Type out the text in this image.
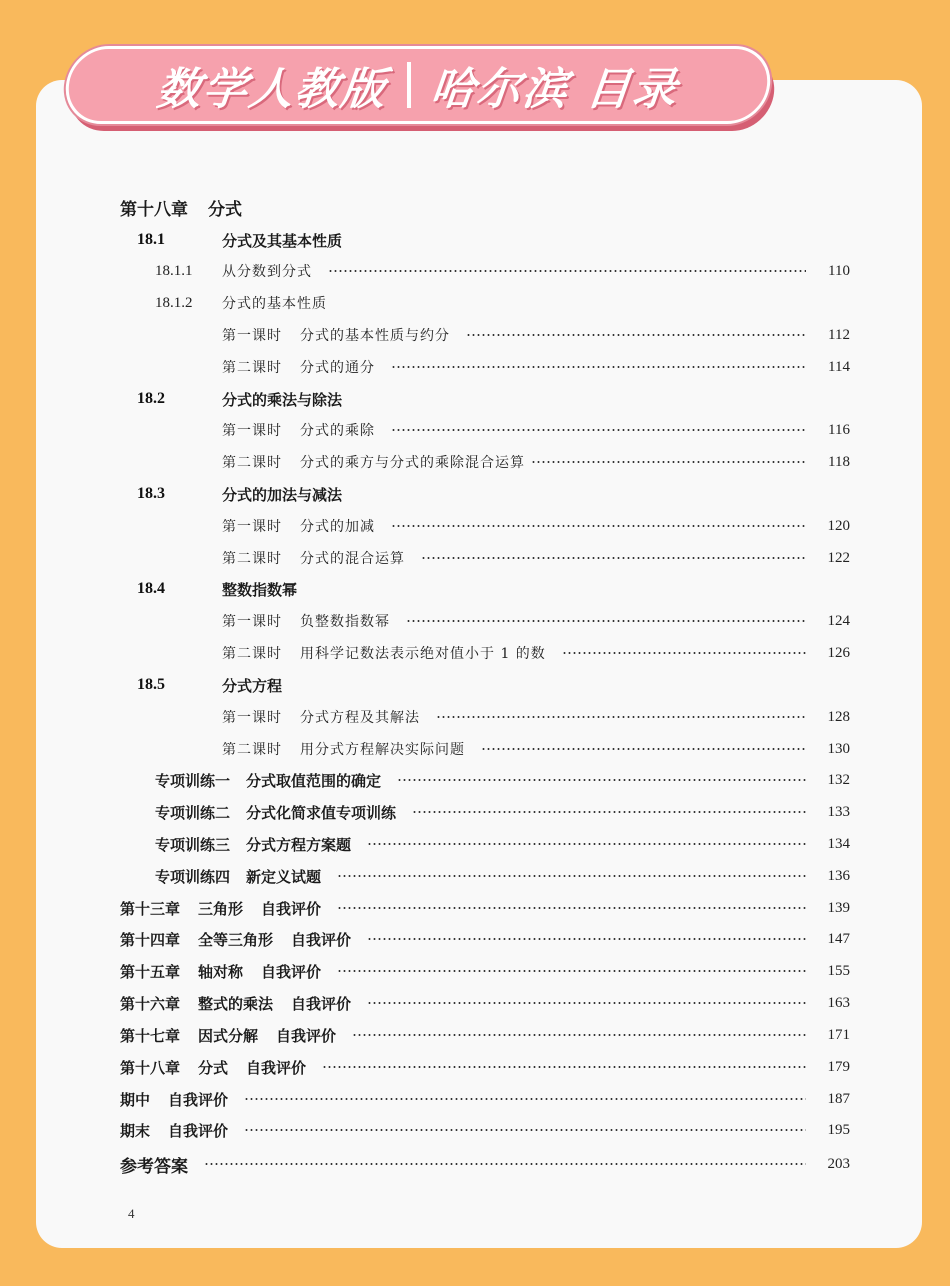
数学人教版 哈尔滨 目录
第十八章 分式
18.1	分式及其基本性质
18.1.1	从分数到分式	110
18.1.2	分式的基本性质
第一课时 分式的基本性质与约分	112
第二课时 分式的通分	114
18.2	分式的乘法与除法
第一课时 分式的乘除	116
第二课时 分式的乘方与分式的乘除混合运算	118
18.3	分式的加法与减法
第一课时 分式的加减	120
第二课时 分式的混合运算	122
18.4	整数指数幂
第一课时 负整数指数幂	124
第二课时 用科学记数法表示绝对值小于 1 的数	126
18.5	分式方程
第一课时 分式方程及其解法	128
第二课时 用分式方程解决实际问题	130
专项训练一 分式取值范围的确定	132
专项训练二 分式化简求值专项训练	133
专项训练三 分式方程方案题	134
专项训练四 新定义试题	136
第十三章 三角形 自我评价	139
第十四章 全等三角形 自我评价	147
第十五章 轴对称 自我评价	155
第十六章 整式的乘法 自我评价	163
第十七章 因式分解 自我评价	171
第十八章 分式 自我评价	179
期中 自我评价	187
期末 自我评价	195
参考答案	203
4
